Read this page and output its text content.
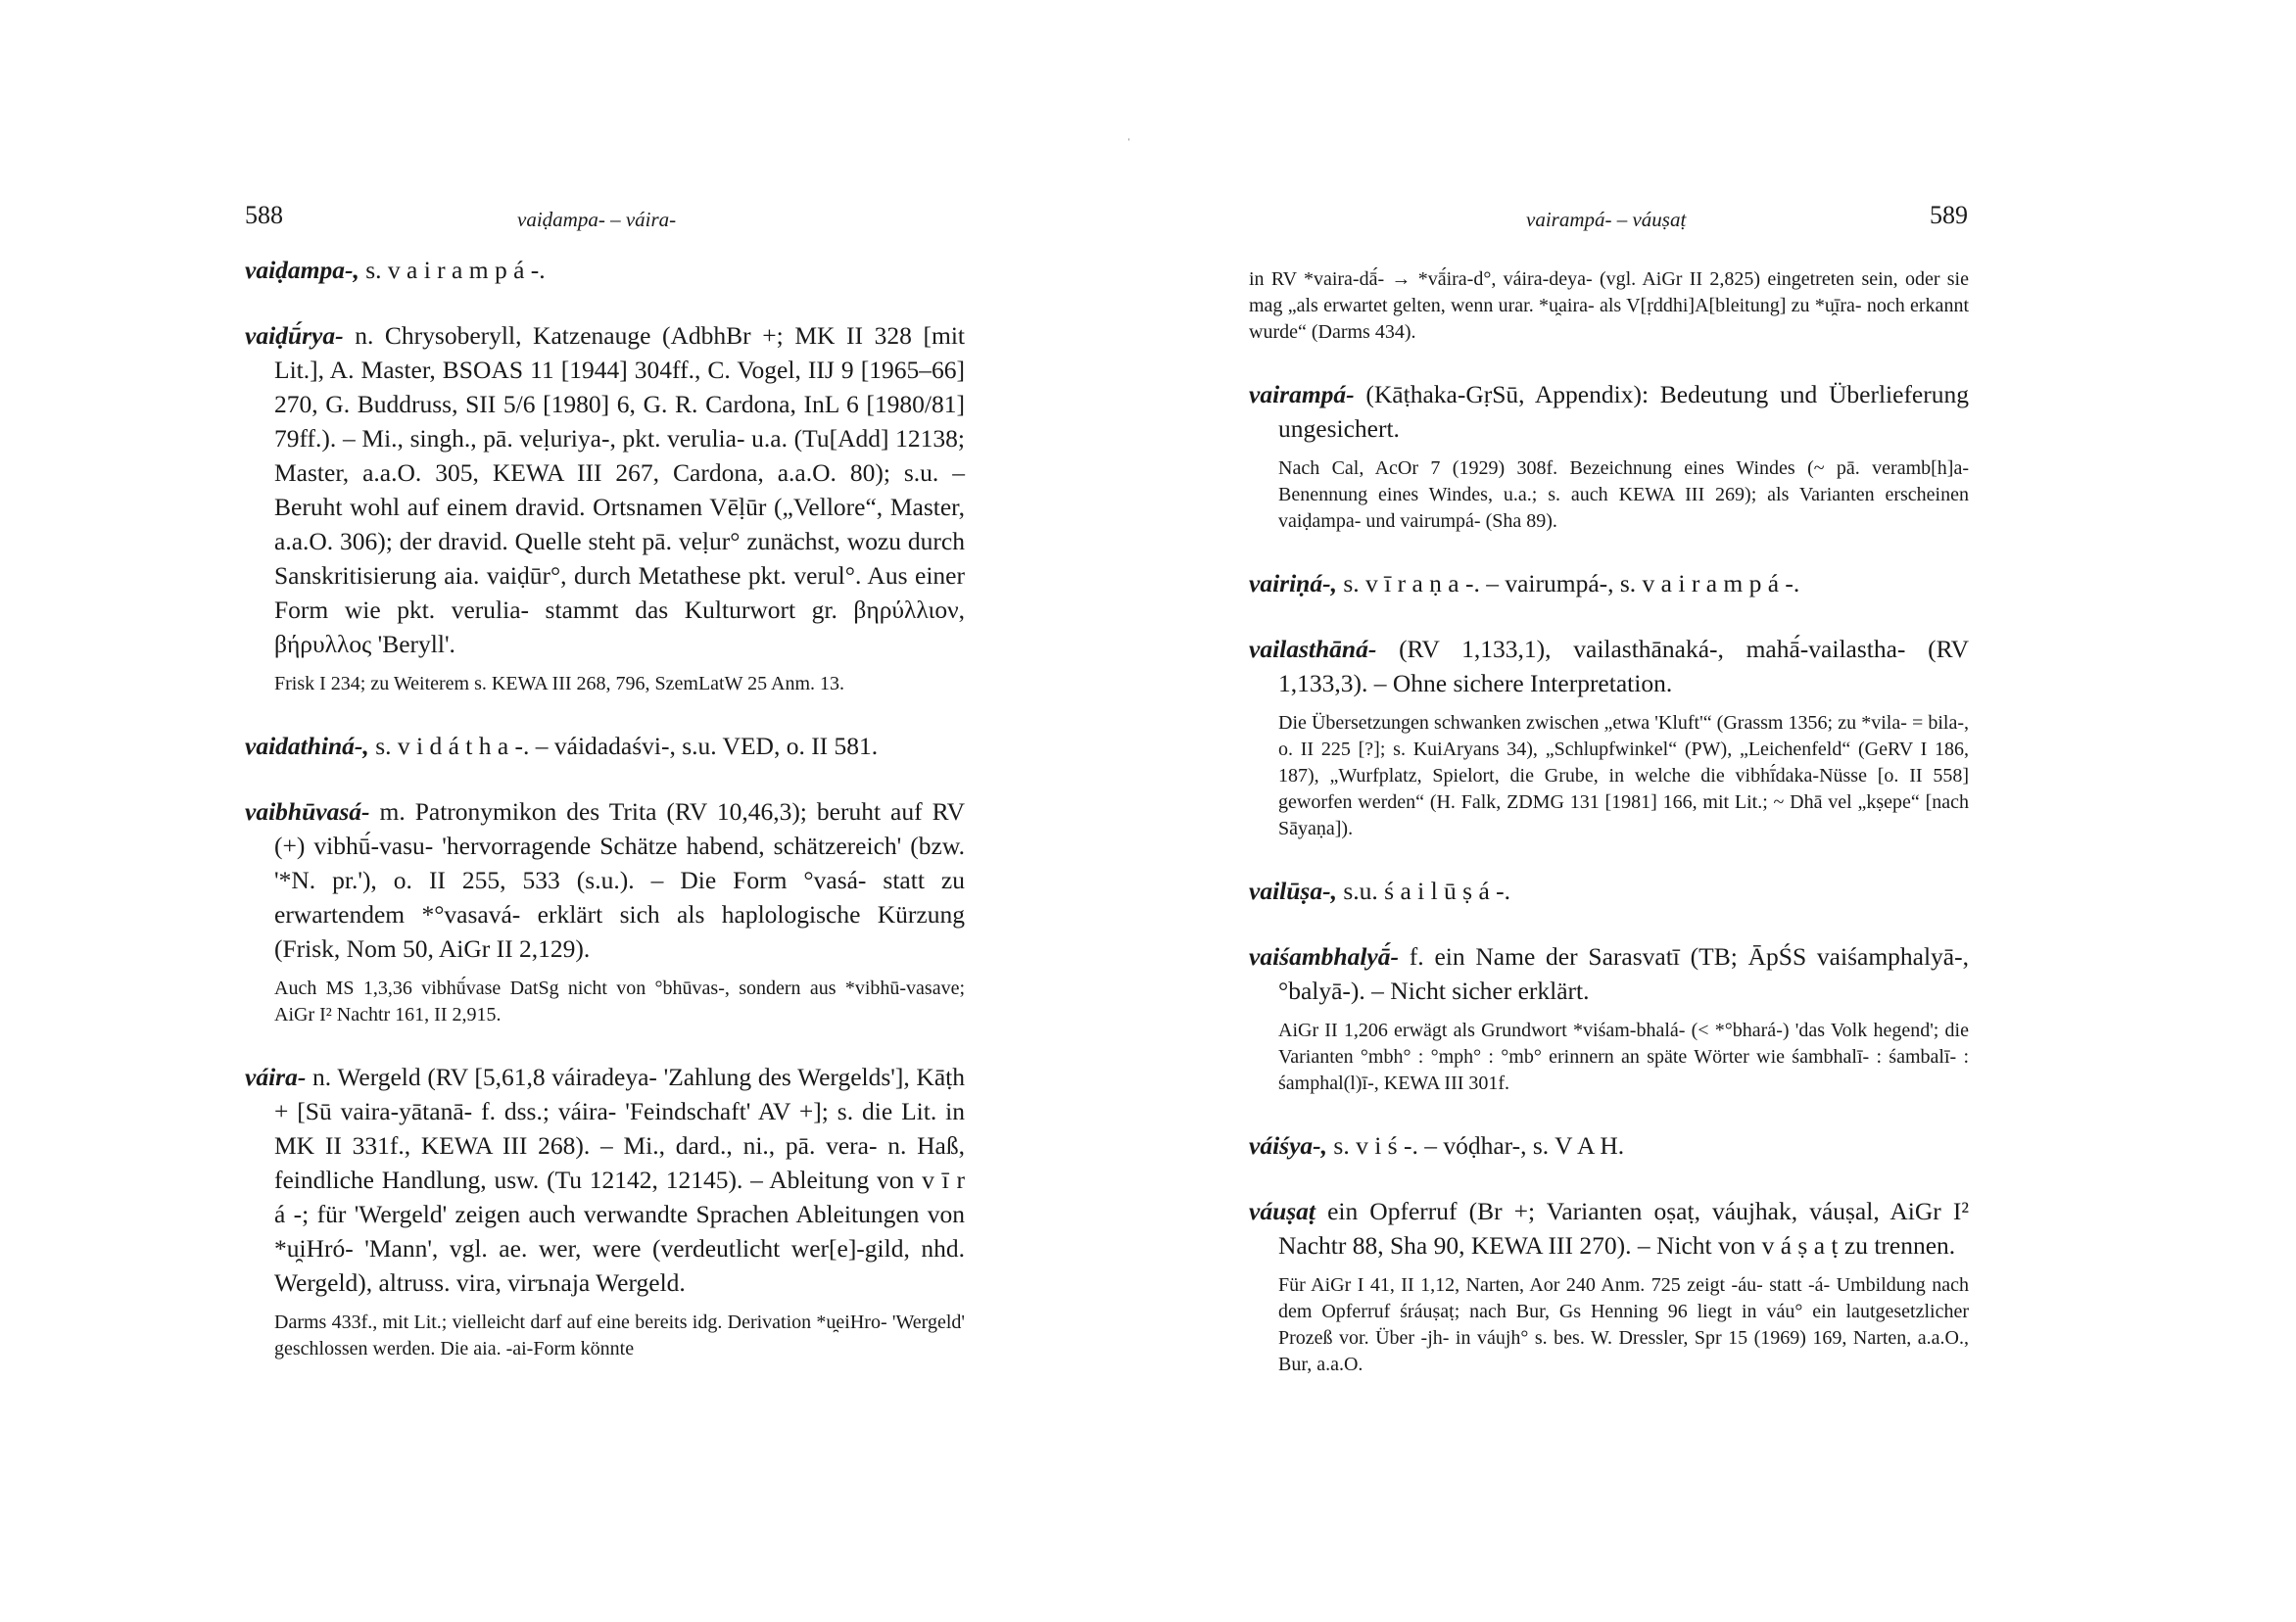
588	vaiḍampa- – váira-
vaiḍampa-, s. v a i r a m p á -.
vaiḍū́rya- n. Chrysoberyll, Katzenauge (AdbhBr +; MK II 328 [mit Lit.], A. Master, BSOAS 11 [1944] 304ff., C. Vogel, IIJ 9 [1965–66] 270, G. Buddruss, SII 5/6 [1980] 6, G. R. Cardona, InL 6 [1980/81] 79ff.). – Mi., singh., pā. veḷuriya-, pkt. verulia- u.a. (Tu[Add] 12138; Master, a.a.O. 305, KEWA III 267, Cardona, a.a.O. 80); s.u. – Beruht wohl auf einem dravid. Ortsnamen Vēḷūr („Vellore“, Master, a.a.O. 306); der dravid. Quelle steht pā. veḷur° zunächst, wozu durch Sanskritisierung aia. vaiḍūr°, durch Metathese pkt. verul°. Aus einer Form wie pkt. verulia- stammt das Kulturwort gr. βηρύλλιον, βήρυλλος 'Beryll'.
Frisk I 234; zu Weiterem s. KEWA III 268, 796, SzemLatW 25 Anm. 13.
vaidathiná-, s. v i d á t h a -. – váidadaśvi-, s.u. VED, o. II 581.
vaibhūvasá- m. Patronymikon des Trita (RV 10,46,3); beruht auf RV (+) vibhū́-vasu- 'hervorragende Schätze habend, schätzereich' (bzw. '*N. pr.'), o. II 255, 533 (s.u.). – Die Form °vasá- statt zu erwartendem *°vasavá- erklärt sich als haplologische Kürzung (Frisk, Nom 50, AiGr II 2,129).
Auch MS 1,3,36 vibhū́vase DatSg nicht von °bhūvas-, sondern aus *vibhū-vasave; AiGr I² Nachtr 161, II 2,915.
váira- n. Wergeld (RV [5,61,8 váiradeya- 'Zahlung des Wergelds'], Kāṭh + [Sū vaira-yātanā- f. dss.; váira- 'Feindschaft' AV +]; s. die Lit. in MK II 331f., KEWA III 268). – Mi., dard., ni., pā. vera- n. Haß, feindliche Handlung, usw. (Tu 12142, 12145). – Ableitung von v ī r á -; für 'Wergeld' zeigen auch verwandte Sprachen Ableitungen von *u̯iHró- 'Mann', vgl. ae. wer, were (verdeutlicht wer[e]-gild, nhd. Wergeld), altruss. vira, virъnaja Wergeld.
Darms 433f., mit Lit.; vielleicht darf auf eine bereits idg. Derivation *u̯eiHro- 'Wergeld' geschlossen werden. Die aia. -ai-Form könnte
vairampá- – váuṣaṭ	589
in RV *vaira-dā́- → *vā́ira-d°, váira-deya- (vgl. AiGr II 2,825) eingetreten sein, oder sie mag „als erwartet gelten, wenn urar. *u̯aira- als V[ṛddhi]A[bleitung] zu *u̯īra- noch erkannt wurde“ (Darms 434).
vairampá- (Kāṭhaka-GṛSū, Appendix): Bedeutung und Überlieferung ungesichert.
Nach Cal, AcOr 7 (1929) 308f. Bezeichnung eines Windes (~ pā. veramb[h]a- Benennung eines Windes, u.a.; s. auch KEWA III 269); als Varianten erscheinen vaiḍampa- und vairumpá- (Sha 89).
vairiṇá-, s. v ī r a ṇ a -. – vairumpá-, s. v a i r a m p á -.
vailasthāná- (RV 1,133,1), vailasthānaká-, mahā́-vailastha- (RV 1,133,3). – Ohne sichere Interpretation.
Die Übersetzungen schwanken zwischen „etwa 'Kluft'“ (Grassm 1356; zu *vila- = bila-, o. II 225 [?]; s. KuiAryans 34), „Schlupfwinkel“ (PW), „Leichenfeld“ (GeRV I 186, 187), „Wurfplatz, Spielort, die Grube, in welche die vibhī́daka-Nüsse [o. II 558] geworfen werden“ (H. Falk, ZDMG 131 [1981] 166, mit Lit.; ~ Dhā vel „kṣepe“ [nach Sāyaṇa]).
vailūṣa-, s.u. ś a i l ū ṣ á -.
vaiśambhalyā́- f. ein Name der Sarasvatī (TB; ĀpŚS vaiśamphalyā-, °balyā-). – Nicht sicher erklärt.
AiGr II 1,206 erwägt als Grundwort *viśam-bhalá- (< *°bhará-) 'das Volk hegend'; die Varianten °mbh° : °mph° : °mb° erinnern an späte Wörter wie śambhalī- : śambalī- : śamphal(l)ī-, KEWA III 301f.
váiśya-, s. v i ś -. – vóḍhar-, s. V A H.
váuṣaṭ ein Opferruf (Br +; Varianten oṣaṭ, váujhak, váuṣal, AiGr I² Nachtr 88, Sha 90, KEWA III 270). – Nicht von v á ṣ a ṭ zu trennen.
Für AiGr I 41, II 1,12, Narten, Aor 240 Anm. 725 zeigt -áu- statt -á- Umbildung nach dem Opferruf śráuṣaṭ; nach Bur, Gs Henning 96 liegt in váu° ein lautgesetzlicher Prozeß vor. Über -jh- in váujh° s. bes. W. Dressler, Spr 15 (1969) 169, Narten, a.a.O., Bur, a.a.O.
ˈ
